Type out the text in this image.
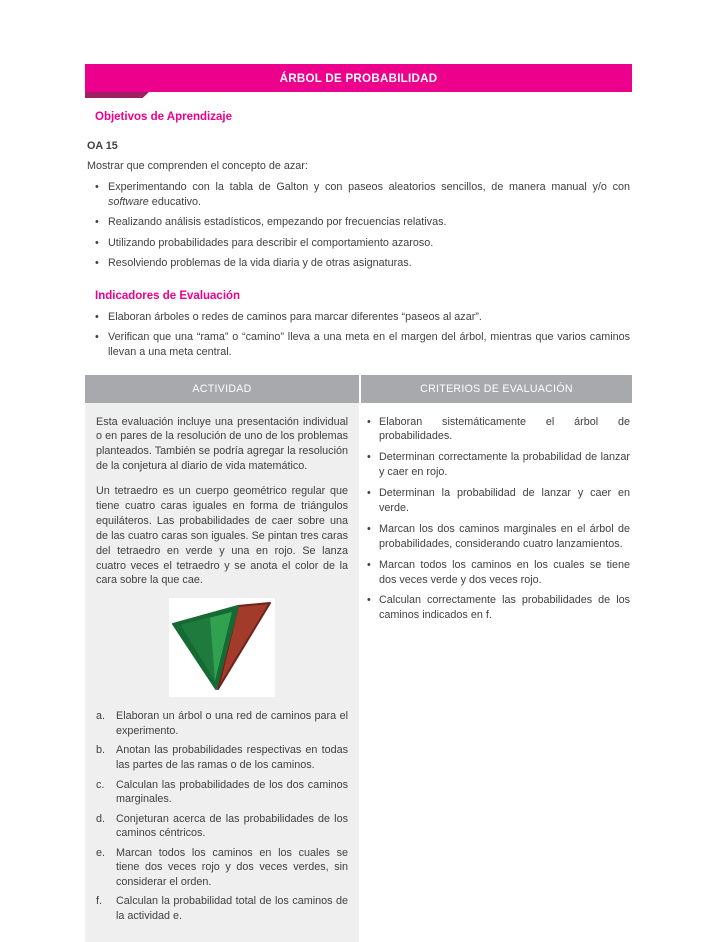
ÁRBOL DE PROBABILIDAD
Objetivos de Aprendizaje

OA 15

Mostrar que comprenden el concepto de azar:

• Experimentando con la tabla de Galton y con paseos aleatorios sencillos, de manera manual y/o con software educativo.
• Realizando análisis estadísticos, empezando por frecuencias relativas.
• Utilizando probabilidades para describir el comportamiento azaroso.
• Resolviendo problemas de la vida diaria y de otras asignaturas.
Indicadores de Evaluación
• Elaboran árboles o redes de caminos para marcar diferentes “paseos al azar”.
• Verifican que una “rama” o “camino” lleva a una meta en el margen del árbol, mientras que varios caminos llevan a una meta central.
ACTIVIDAD

Esta evaluación incluye una presentación individual o en pares de la resolución de uno de los problemas planteados. También se podría agregar la resolución de la conjetura al diario de vida matemático.

Un tetraedro es un cuerpo geométrico regular que tiene cuatro caras iguales en forma de triángulos equiláteros. Las probabilidades de caer sobre una de las cuatro caras son iguales. Se pintan tres caras del tetraedro en verde y una en rojo. Se lanza cuatro veces el tetraedro y se anota el color de la cara sobre la que cae.

a.	Elaboran un árbol o una red de caminos para el experimento.
b.	Anotan las probabilidades respectivas en todas las partes de las ramas o de los caminos.
c.	Calculan las probabilidades de los dos caminos marginales.
d.	Conjeturan acerca de las probabilidades de los caminos céntricos.
e.	Marcan todos los caminos en los cuales se tiene dos veces rojo y dos veces verdes, sin considerar el orden.
f.	Calculan la probabilidad total de los caminos de la actividad e.
CRITERIOS DE EVALUACIÓN
• Elaboran sistemáticamente el árbol de probabilidades.
• Determinan correctamente la probabilidad de lanzar y caer en rojo.
• Determinan la probabilidad de lanzar y caer en verde.
• Marcan los dos caminos marginales en el árbol de probabilidades, considerando cuatro lanzamientos.
• Marcan todos los caminos en los cuales se tiene dos veces verde y dos veces rojo.
• Calculan correctamente las probabilidades de los caminos indicados en f.
